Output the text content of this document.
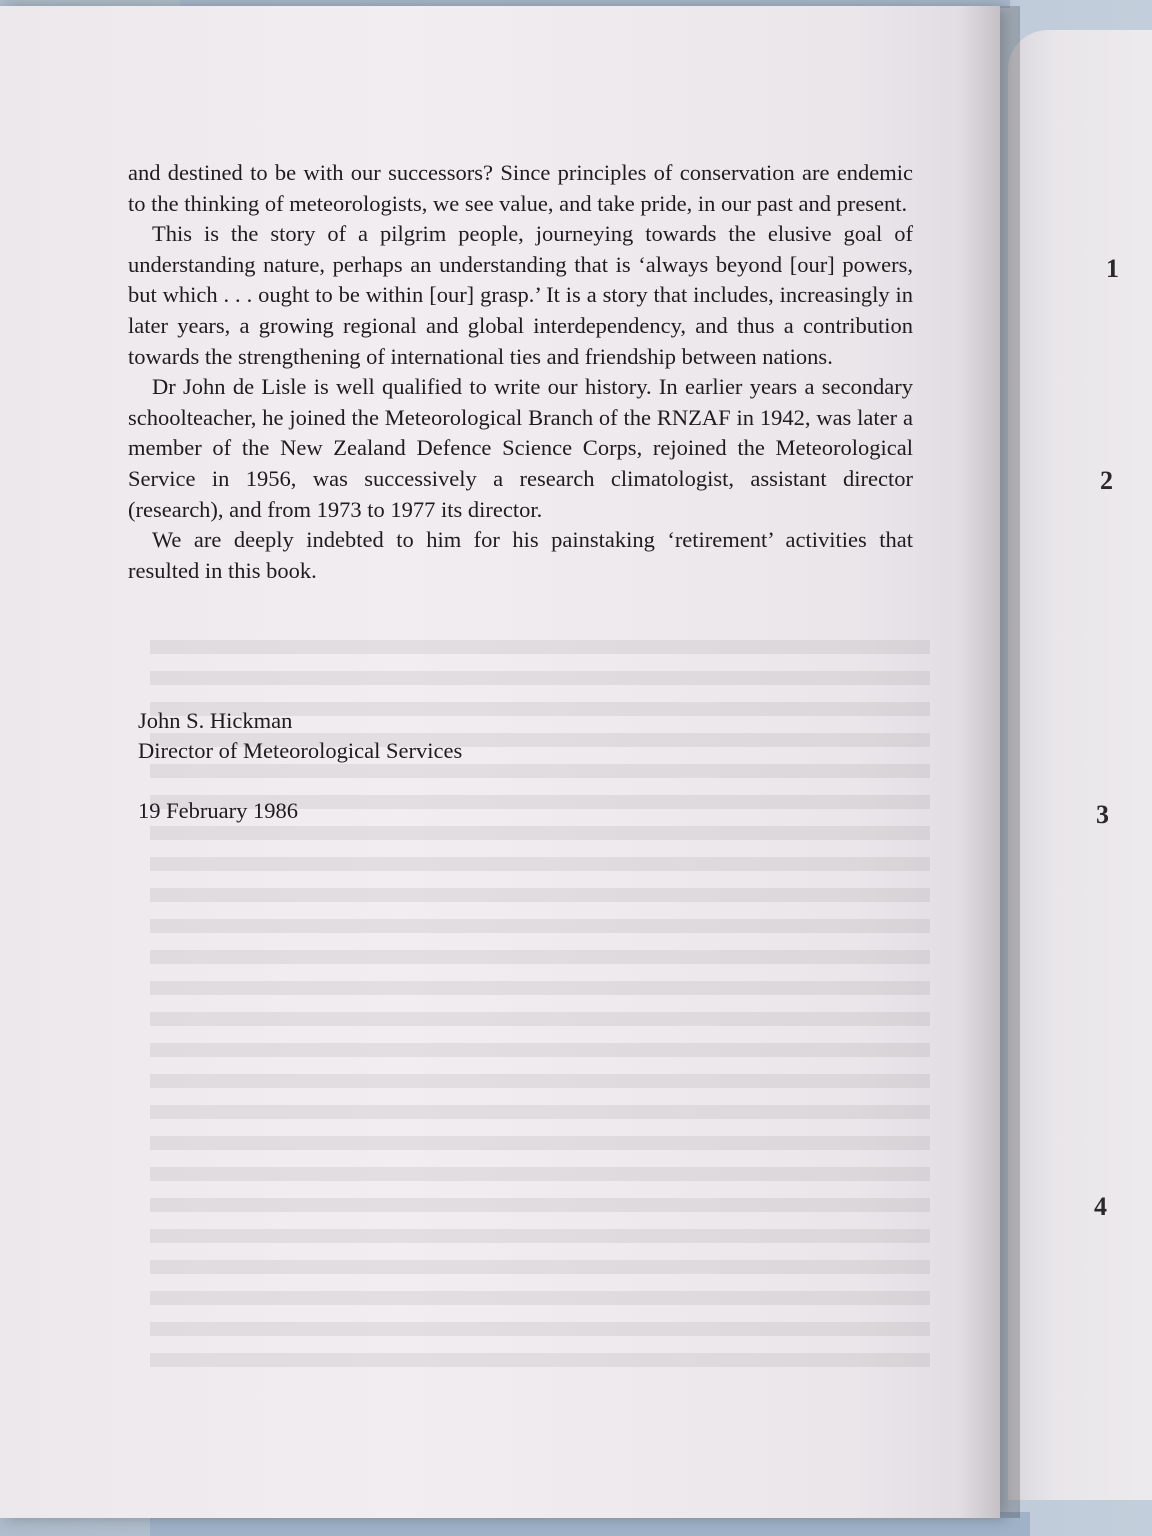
and destined to be with our successors? Since principles of conservation are endemic to the thinking of meteorologists, we see value, and take pride, in our past and present.

This is the story of a pilgrim people, journeying towards the elusive goal of understanding nature, perhaps an understanding that is ‘always beyond [our] powers, but which . . . ought to be within [our] grasp.’ It is a story that includes, increasingly in later years, a growing regional and global interdependency, and thus a contribution towards the strengthening of international ties and friendship between nations.

Dr John de Lisle is well qualified to write our history. In earlier years a secondary schoolteacher, he joined the Meteorological Branch of the RNZAF in 1942, was later a member of the New Zealand Defence Science Corps, rejoined the Meteorological Service in 1956, was successively a research climatologist, assistant director (research), and from 1973 to 1977 its director.

We are deeply indebted to him for his painstaking ‘retirement’ activities that resulted in this book.

John S. Hickman
Director of Meteorological Services
19 February 1986
1
2
3
4
